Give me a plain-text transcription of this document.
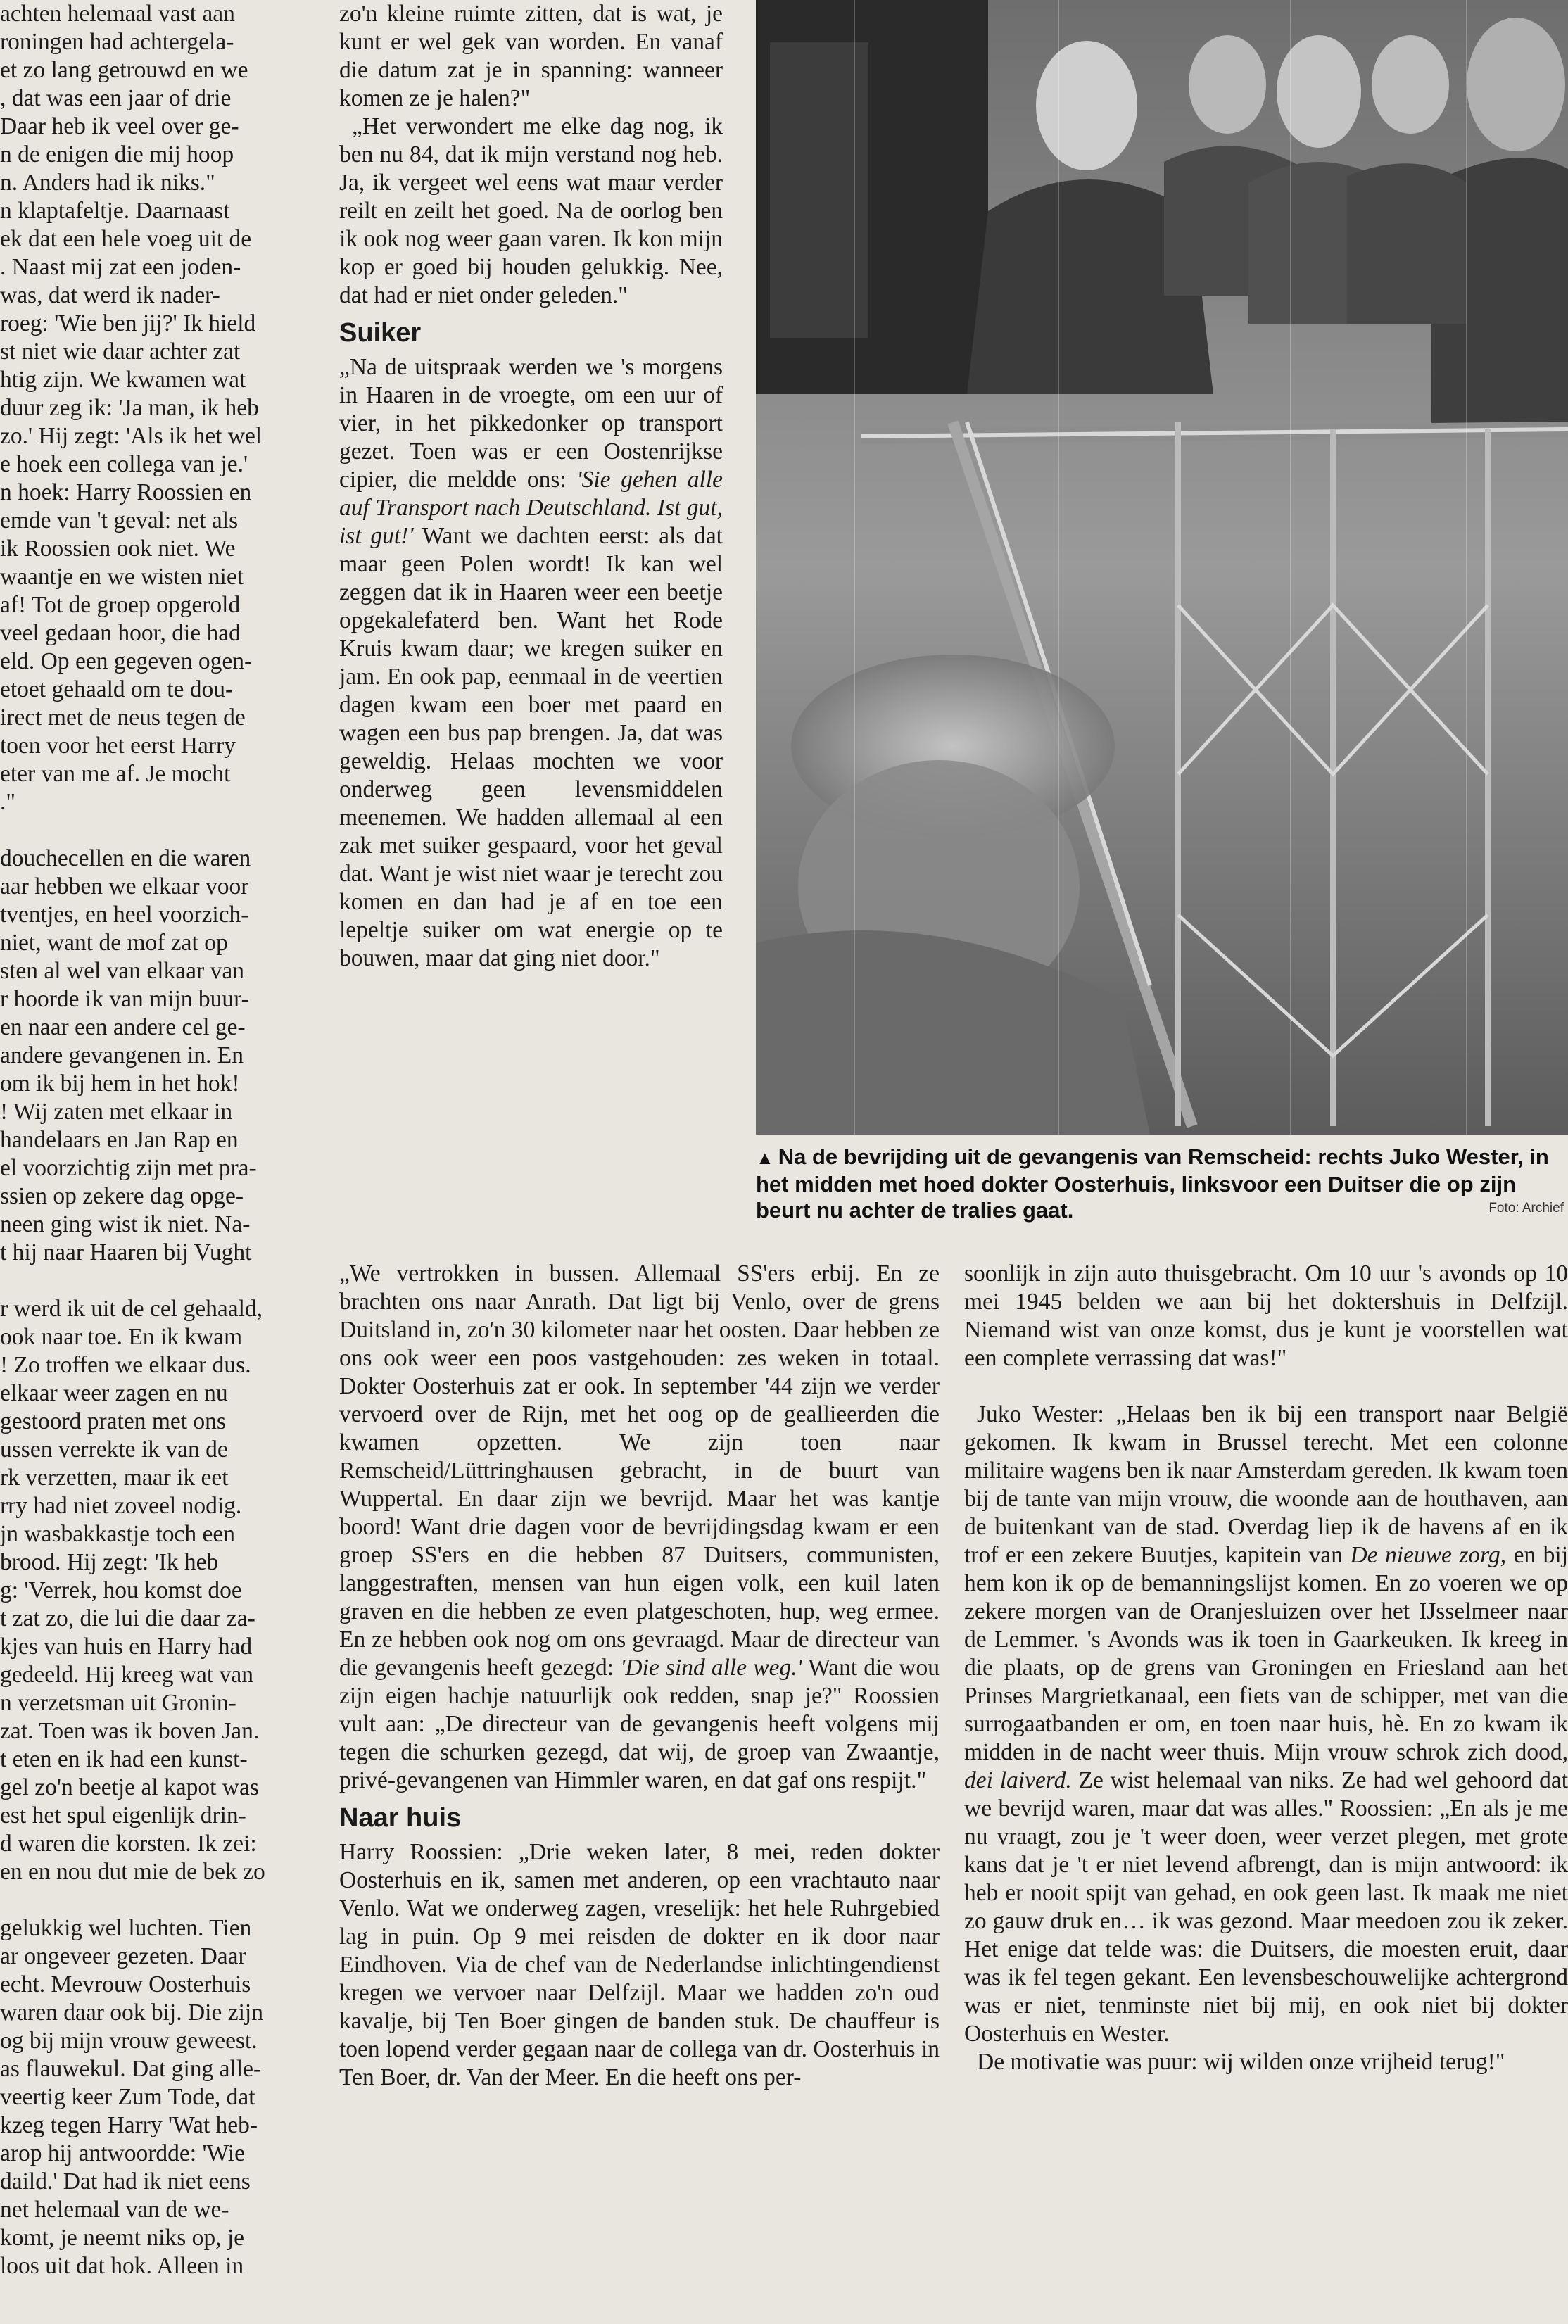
achten helemaal vast aan
roningen had achtergela-
et zo lang getrouwd en we
, dat was een jaar of drie
Daar heb ik veel over ge-
n de enigen die mij hoop
n. Anders had ik niks."
n klaptafeltje. Daarnaast
ek dat een hele voeg uit de
. Naast mij zat een joden-
was, dat werd ik nader-
roeg: 'Wie ben jij?' Ik hield
st niet wie daar achter zat
htig zijn. We kwamen wat
duur zeg ik: 'Ja man, ik heb
zo.' Hij zegt: 'Als ik het wel
e hoek een collega van je.'
n hoek: Harry Roossien en
emde van 't geval: net als
ik Roossien ook niet. We
waantje en we wisten niet
af! Tot de groep opgerold
veel gedaan hoor, die had
eld. Op een gegeven ogen-
etoet gehaald om te dou-
irect met de neus tegen de
toen voor het eerst Harry
eter van me af. Je mocht
."
douchecellen en die waren
aar hebben we elkaar voor
tventjes, en heel voorzich-
niet, want de mof zat op
sten al wel van elkaar van
r hoorde ik van mijn buur-
en naar een andere cel ge-
andere gevangenen in. En
om ik bij hem in het hok!
! Wij zaten met elkaar in
handelaars en Jan Rap en
el voorzichtig zijn met pra-
ssien op zekere dag opge-
neen ging wist ik niet. Na-
t hij naar Haaren bij Vught
r werd ik uit de cel gehaald,
ook naar toe. En ik kwam
! Zo troffen we elkaar dus.
elkaar weer zagen en nu
gestoord praten met ons
ussen verrekte ik van de
rk verzetten, maar ik eet
rry had niet zoveel nodig.
jn wasbakkastje toch een
brood. Hij zegt: 'Ik heb
g: 'Verrek, hou komst doe
t zat zo, die lui die daar za-
kjes van huis en Harry had
gedeeld. Hij kreeg wat van
n verzetsman uit Gronin-
zat. Toen was ik boven Jan.
t eten en ik had een kunst-
gel zo'n beetje al kapot was
est het spul eigenlijk drin-
d waren die korsten. Ik zei:
en en nou dut mie de bek zo
gelukkig wel luchten. Tien
ar ongeveer gezeten. Daar
echt. Mevrouw Oosterhuis
waren daar ook bij. Die zijn
og bij mijn vrouw geweest.
as flauwekul. Dat ging alle-
veertig keer Zum Tode, dat
kzeg tegen Harry 'Wat heb-
arop hij antwoordde: 'Wie
daild.' Dat had ik niet eens
net helemaal van de we-
komt, je neemt niks op, je
loos uit dat hok. Alleen in

zo'n kleine ruimte zitten, dat is wat, je kunt er wel gek van worden. En vanaf die datum zat je in spanning: wanneer komen ze je halen?"

„Het verwondert me elke dag nog, ik ben nu 84, dat ik mijn verstand nog heb. Ja, ik vergeet wel eens wat maar verder reilt en zeilt het goed. Na de oorlog ben ik ook nog weer gaan varen. Ik kon mijn kop er goed bij houden gelukkig. Nee, dat had er niet onder geleden."

Suiker

„Na de uitspraak werden we 's morgens in Haaren in de vroegte, om een uur of vier, in het pikkedonker op transport gezet. Toen was er een Oostenrijkse cipier, die meldde ons: 'Sie gehen alle auf Transport nach Deutschland. Ist gut, ist gut!' Want we dachten eerst: als dat maar geen Polen wordt! Ik kan wel zeggen dat ik in Haaren weer een beetje opgekalefaterd ben. Want het Rode Kruis kwam daar; we kregen suiker en jam. En ook pap, eenmaal in de veertien dagen kwam een boer met paard en wagen een bus pap brengen. Ja, dat was geweldig. Helaas mochten we voor onderweg geen levensmiddelen meenemen. We hadden allemaal al een zak met suiker gespaard, voor het geval dat. Want je wist niet waar je terecht zou komen en dan had je af en toe een lepeltje suiker om wat energie op te bouwen, maar dat ging niet door."

▲ Na de bevrijding uit de gevangenis van Remscheid: rechts Juko Wester, in het midden met hoed dokter Oosterhuis, linksvoor een Duitser die op zijn beurt nu achter de tralies gaat.	Foto: Archief

„We vertrokken in bussen. Allemaal SS'ers erbij. En ze brachten ons naar Anrath. Dat ligt bij Venlo, over de grens Duitsland in, zo'n 30 kilometer naar het oosten. Daar hebben ze ons ook weer een poos vastgehouden: zes weken in totaal. Dokter Oosterhuis zat er ook. In september '44 zijn we verder vervoerd over de Rijn, met het oog op de geallieerden die kwamen opzetten. We zijn toen naar Remscheid/Lüttringhausen gebracht, in de buurt van Wuppertal. En daar zijn we bevrijd. Maar het was kantje boord! Want drie dagen voor de bevrijdingsdag kwam er een groep SS'ers en die hebben 87 Duitsers, communisten, langgestraften, mensen van hun eigen volk, een kuil laten graven en die hebben ze even platgeschoten, hup, weg ermee. En ze hebben ook nog om ons gevraagd. Maar de directeur van die gevangenis heeft gezegd: 'Die sind alle weg.' Want die wou zijn eigen hachje natuurlijk ook redden, snap je?" Roossien vult aan: „De directeur van de gevangenis heeft volgens mij tegen die schurken gezegd, dat wij, de groep van Zwaantje, privé-gevangenen van Himmler waren, en dat gaf ons respijt."

Naar huis

Harry Roossien: „Drie weken later, 8 mei, reden dokter Oosterhuis en ik, samen met anderen, op een vrachtauto naar Venlo. Wat we onderweg zagen, vreselijk: het hele Ruhrgebied lag in puin. Op 9 mei reisden de dokter en ik door naar Eindhoven. Via de chef van de Nederlandse inlichtingendienst kregen we vervoer naar Delfzijl. Maar we hadden zo'n oud kavalje, bij Ten Boer gingen de banden stuk. De chauffeur is toen lopend verder gegaan naar de collega van dr. Oosterhuis in Ten Boer, dr. Van der Meer. En die heeft ons per-

soonlijk in zijn auto thuisgebracht. Om 10 uur 's avonds op 10 mei 1945 belden we aan bij het doktershuis in Delfzijl. Niemand wist van onze komst, dus je kunt je voorstellen wat een complete verrassing dat was!"

Juko Wester: „Helaas ben ik bij een transport naar België gekomen. Ik kwam in Brussel terecht. Met een colonne militaire wagens ben ik naar Amsterdam gereden. Ik kwam toen bij de tante van mijn vrouw, die woonde aan de houthaven, aan de buitenkant van de stad. Overdag liep ik de havens af en ik trof er een zekere Buutjes, kapitein van De nieuwe zorg, en bij hem kon ik op de bemanningslijst komen. En zo voeren we op zekere morgen van de Oranjesluizen over het IJsselmeer naar de Lemmer. 's Avonds was ik toen in Gaarkeuken. Ik kreeg in die plaats, op de grens van Groningen en Friesland aan het Prinses Margrietkanaal, een fiets van de schipper, met van die surrogaatbanden er om, en toen naar huis, hè. En zo kwam ik midden in de nacht weer thuis. Mijn vrouw schrok zich dood, dei laiverd. Ze wist helemaal van niks. Ze had wel gehoord dat we bevrijd waren, maar dat was alles." Roossien: „En als je me nu vraagt, zou je 't weer doen, weer verzet plegen, met grote kans dat je 't er niet levend afbrengt, dan is mijn antwoord: ik heb er nooit spijt van gehad, en ook geen last. Ik maak me niet zo gauw druk en… ik was gezond. Maar meedoen zou ik zeker. Het enige dat telde was: die Duitsers, die moesten eruit, daar was ik fel tegen gekant. Een levensbeschouwelijke achtergrond was er niet, tenminste niet bij mij, en ook niet bij dokter Oosterhuis en Wester.

De motivatie was puur: wij wilden onze vrijheid terug!"
